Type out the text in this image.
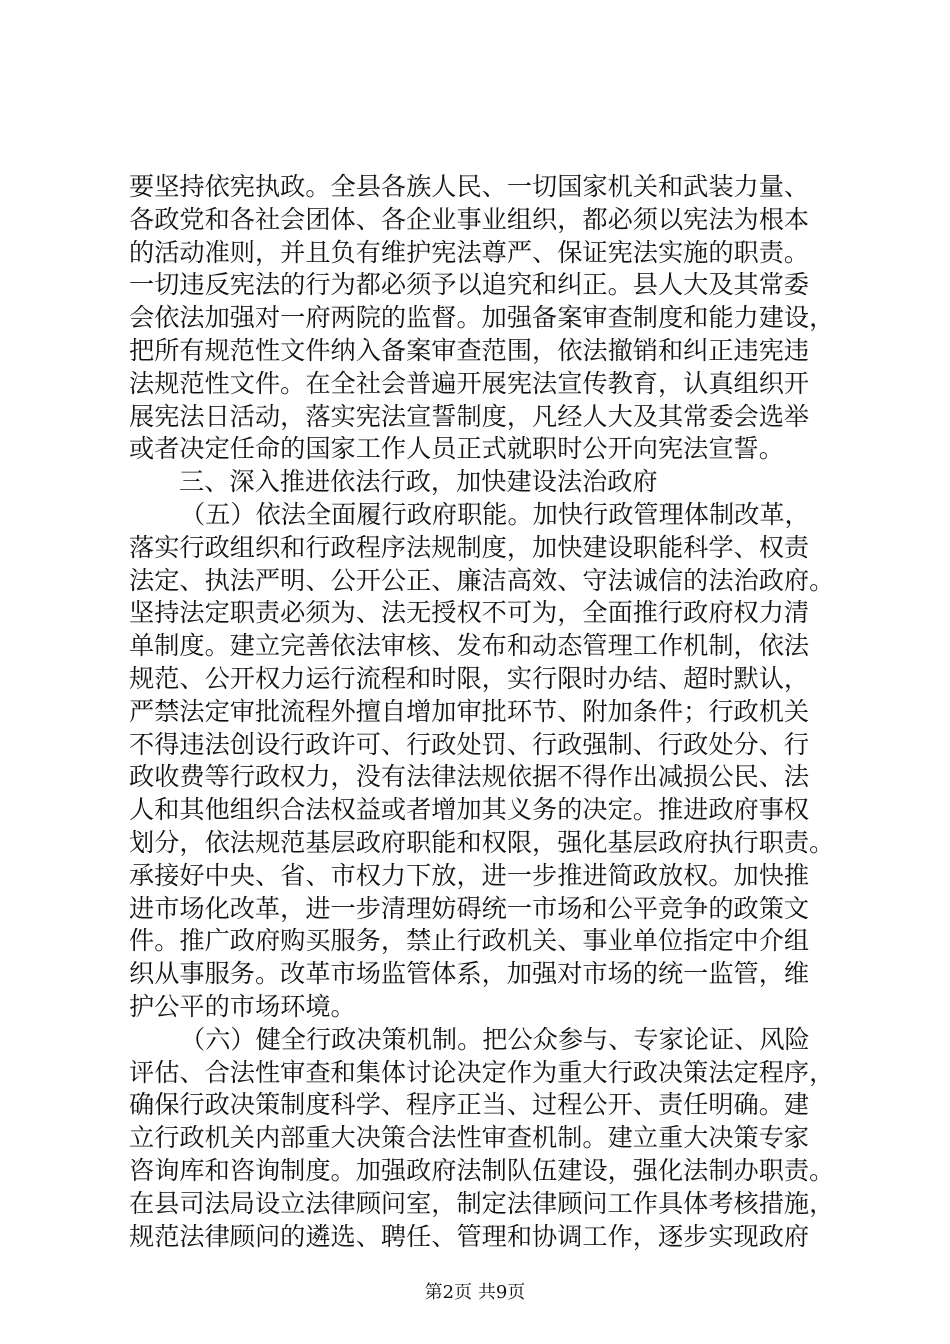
要坚持依宪执政。全县各族人民、一切国家机关和武装力量、
各政党和各社会团体、各企业事业组织，都必须以宪法为根本
的活动准则，并且负有维护宪法尊严、保证宪法实施的职责。
一切违反宪法的行为都必须予以追究和纠正。县人大及其常委
会依法加强对一府两院的监督。加强备案审查制度和能力建设，
把所有规范性文件纳入备案审查范围，依法撤销和纠正违宪违
法规范性文件。在全社会普遍开展宪法宣传教育，认真组织开
展宪法日活动，落实宪法宣誓制度，凡经人大及其常委会选举
或者决定任命的国家工作人员正式就职时公开向宪法宣誓。
三、深入推进依法行政，加快建设法治政府
（五）依法全面履行政府职能。加快行政管理体制改革，
落实行政组织和行政程序法规制度，加快建设职能科学、权责
法定、执法严明、公开公正、廉洁高效、守法诚信的法治政府。
坚持法定职责必须为、法无授权不可为，全面推行政府权力清
单制度。建立完善依法审核、发布和动态管理工作机制，依法
规范、公开权力运行流程和时限，实行限时办结、超时默认，
严禁法定审批流程外擅自增加审批环节、附加条件；行政机关
不得违法创设行政许可、行政处罚、行政强制、行政处分、行
政收费等行政权力，没有法律法规依据不得作出减损公民、法
人和其他组织合法权益或者增加其义务的决定。推进政府事权
划分，依法规范基层政府职能和权限，强化基层政府执行职责。
承接好中央、省、市权力下放，进一步推进简政放权。加快推
进市场化改革，进一步清理妨碍统一市场和公平竞争的政策文
件。推广政府购买服务，禁止行政机关、事业单位指定中介组
织从事服务。改革市场监管体系，加强对市场的统一监管，维
护公平的市场环境。
（六）健全行政决策机制。把公众参与、专家论证、风险
评估、合法性审查和集体讨论决定作为重大行政决策法定程序，
确保行政决策制度科学、程序正当、过程公开、责任明确。建
立行政机关内部重大决策合法性审查机制。建立重大决策专家
咨询库和咨询制度。加强政府法制队伍建设，强化法制办职责。
在县司法局设立法律顾问室，制定法律顾问工作具体考核措施，
规范法律顾问的遴选、聘任、管理和协调工作，逐步实现政府
第2页 共9页
